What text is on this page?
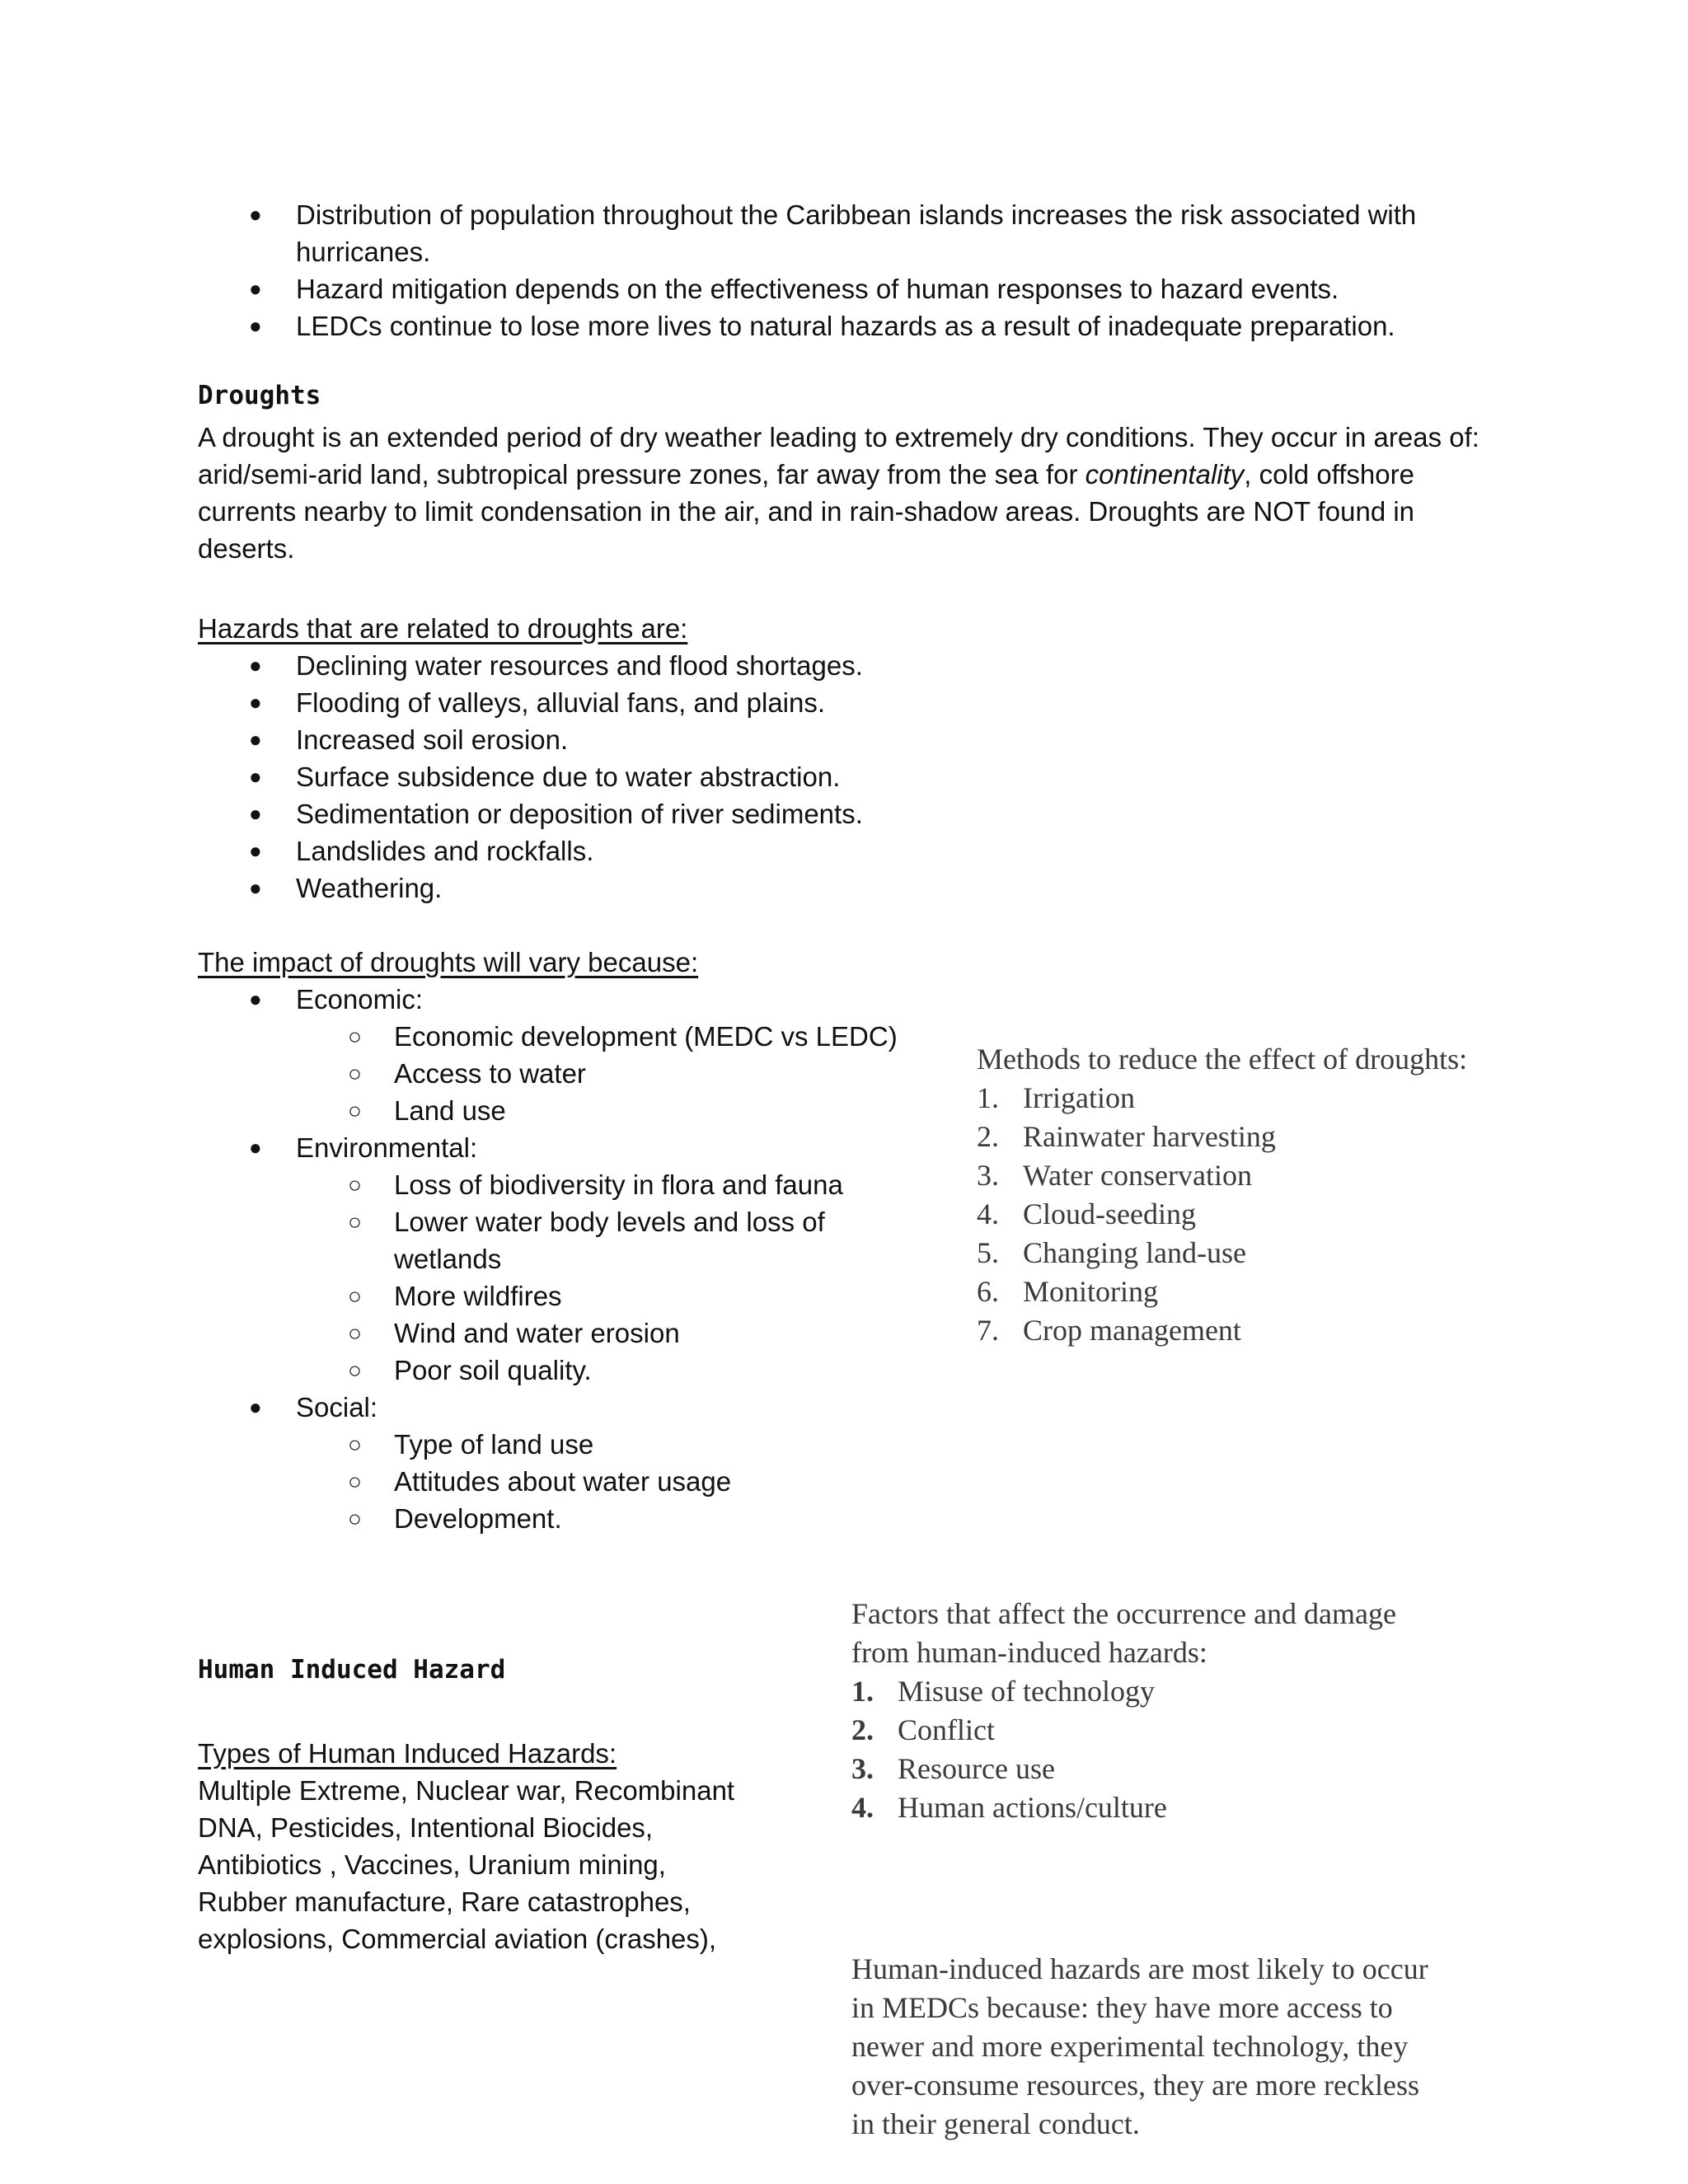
● Distribution of population throughout the Caribbean islands increases the risk associated with hurricanes.
● Hazard mitigation depends on the effectiveness of human responses to hazard events.
● LEDCs continue to lose more lives to natural hazards as a result of inadequate preparation.
Droughts
A drought is an extended period of dry weather leading to extremely dry conditions. They occur in areas of: arid/semi-arid land, subtropical pressure zones, far away from the sea for continentality, cold offshore currents nearby to limit condensation in the air, and in rain-shadow areas. Droughts are NOT found in deserts.
Hazards that are related to droughts are:
● Declining water resources and flood shortages.
● Flooding of valleys, alluvial fans, and plains.
● Increased soil erosion.
● Surface subsidence due to water abstraction.
● Sedimentation or deposition of river sediments.
● Landslides and rockfalls.
● Weathering.
The impact of droughts will vary because:
● Economic:
○ Economic development (MEDC vs LEDC)
○ Access to water
○ Land use
● Environmental:
○ Loss of biodiversity in flora and fauna
○ Lower water body levels and loss of wetlands
○ More wildfires
○ Wind and water erosion
○ Poor soil quality.
● Social:
○ Type of land use
○ Attitudes about water usage
○ Development.
Methods to reduce the effect of droughts:
1. Irrigation
2. Rainwater harvesting
3. Water conservation
4. Cloud-seeding
5. Changing land-use
6. Monitoring
7. Crop management
Human Induced Hazard
Types of Human Induced Hazards:
Multiple Extreme, Nuclear war, Recombinant
DNA, Pesticides, Intentional Biocides,
Antibiotics , Vaccines, Uranium mining,
Rubber manufacture, Rare catastrophes,
explosions, Commercial aviation (crashes),
Factors that affect the occurrence and damage
from human-induced hazards:
1. Misuse of technology
2. Conflict
3. Resource use
4. Human actions/culture
Human-induced hazards are most likely to occur
in MEDCs because: they have more access to
newer and more experimental technology, they
over-consume resources, they are more reckless
in their general conduct.
